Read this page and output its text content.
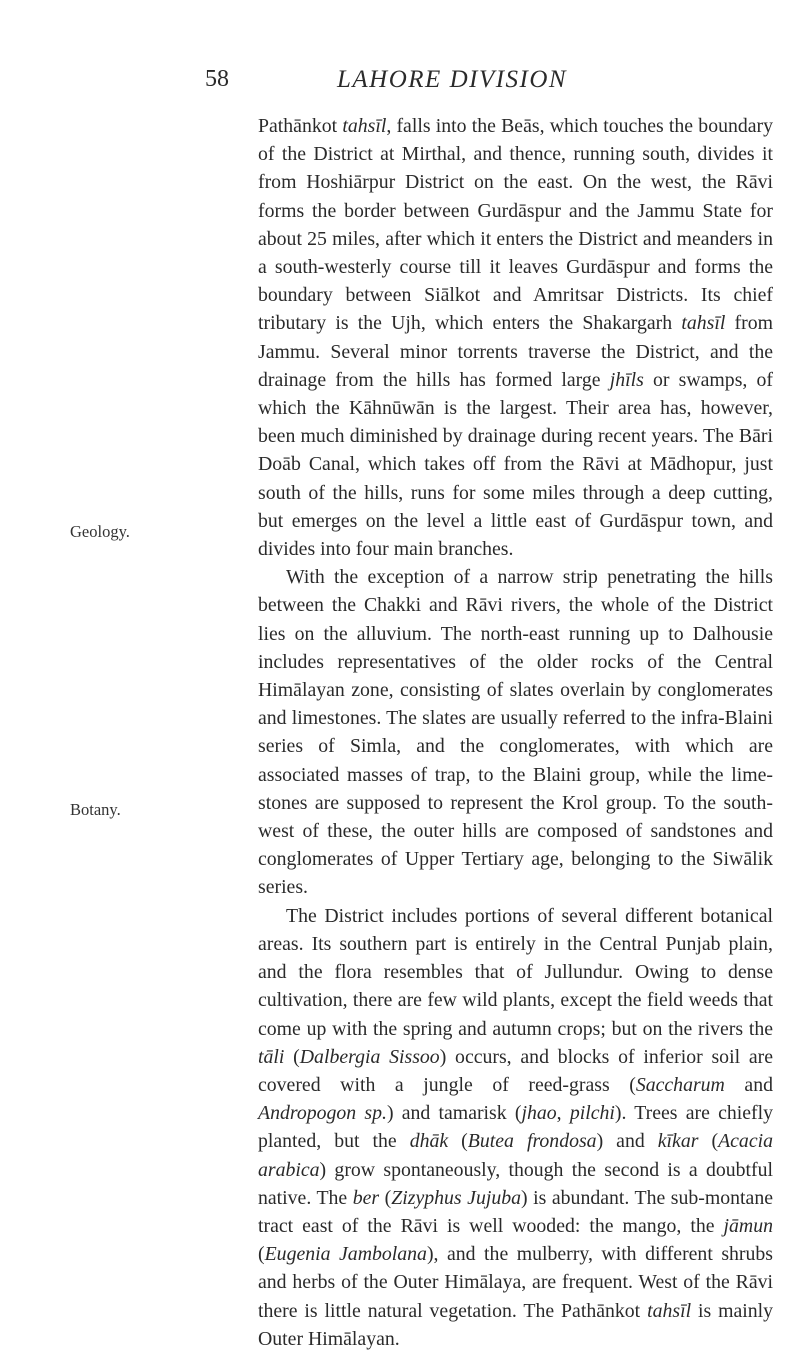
58	LAHORE DIVISION
Geology.
Botany.

Pathānkot tahsīl, falls into the Beās, which touches the boundary of the District at Mirthal, and thence, running south, divides it from Hoshiārpur District on the east. On the west, the Rāvi forms the border between Gurdāspur and the Jammu State for about 25 miles, after which it enters the District and meanders in a south-westerly course till it leaves Gurdāspur and forms the boundary between Siālkot and Amritsar Districts. Its chief tributary is the Ujh, which enters the Shakargarh tahsīl from Jammu. Several minor torrents traverse the District, and the drainage from the hills has formed large jhīls or swamps, of which the Kāhnūwān is the largest. Their area has, however, been much diminished by drainage during recent years. The Bāri Doāb Canal, which takes off from the Rāvi at Mādhopur, just south of the hills, runs for some miles through a deep cutting, but emerges on the level a little east of Gurdāspur town, and divides into four main branches.

With the exception of a narrow strip penetrating the hills between the Chakki and Rāvi rivers, the whole of the District lies on the alluvium. The north-east running up to Dalhousie includes representatives of the older rocks of the Central Himālayan zone, consisting of slates overlain by conglomerates and limestones. The slates are usually referred to the infra-Blaini series of Simla, and the conglomerates, with which are associated masses of trap, to the Blaini group, while the lime-stones are supposed to represent the Krol group. To the south-west of these, the outer hills are composed of sandstones and conglomerates of Upper Tertiary age, belonging to the Siwālik series.

The District includes portions of several different botanical areas. Its southern part is entirely in the Central Punjab plain, and the flora resembles that of Jullundur. Owing to dense cultivation, there are few wild plants, except the field weeds that come up with the spring and autumn crops; but on the rivers the tāli (Dalbergia Sissoo) occurs, and blocks of inferior soil are covered with a jungle of reed-grass (Saccharum and Andropogon sp.) and tamarisk (jhao, pilchi). Trees are chiefly planted, but the dhāk (Butea frondosa) and kīkar (Acacia arabica) grow spontaneously, though the second is a doubtful native. The ber (Zizyphus Jujuba) is abundant. The sub-montane tract east of the Rāvi is well wooded: the mango, the jāmun (Eugenia Jambolana), and the mulberry, with different shrubs and herbs of the Outer Himālaya, are frequent. West of the Rāvi there is little natural vegetation. The Pathānkot tahsīl is mainly Outer Himālayan.
